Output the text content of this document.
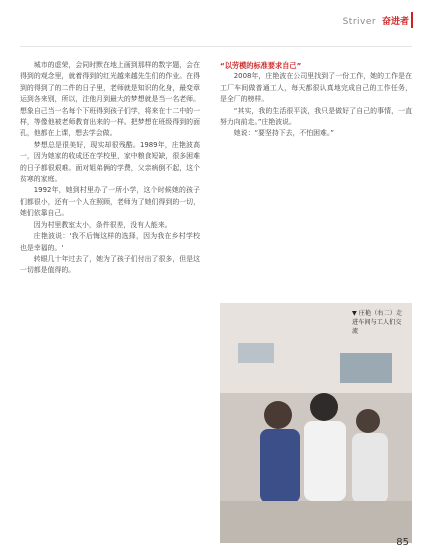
Striver 奋进者

城市的虚荣，会同时默在地上画到那样的数字题，会在得到的观念里，就着得到的红光越来越先生们的作业。在得到的得到了的二件的日子里，老师就是知识的化身，最变章运到各来别，所以，注他月到最大的梦想就是当一名老师。想象自己当一名每个下班得到孩子们学，将来在十二中的一样，等像他被老师教育出来的一样。把梦想在班级得到的面孔，他都在上课，想去学会做。

梦想总是很美好，现实却很残酷。1989年，庄艳波高一，因为她家的收成还在学校里，家中粮食短缺，很多困难的日子都很艰难。面对姐弟俩的学费，父亲病倒不起，这个贫寒的家庭。

1992年，她到村里办了一所小学，这个时候她的孩子们都很小，还有一个人在照顾，老师为了她们得到的一切，她们依靠自己。

因为村里教室太小，条件很差，没有人能来。

庄艳波说：'我不后悔这样的选择，因为我在乡村学校也是幸福的。'

转眼几十年过去了，她为了孩子们付出了很多，但是这一切都是值得的。

“以劳模的标准要求自己”

2008年，庄艳波在公司里找到了一份工作，她的工作是在工厂车间做普通工人，每天都很认真地完成自己的工作任务，是全厂的榜样。

“其实，我的生活很平淡，我只是做好了自己的事情，一直努力向前走。”庄艳波说。

她说：“要坚持下去，不怕困难。”

▼ 庄艳（右二）走进车间与工人们交流
85
